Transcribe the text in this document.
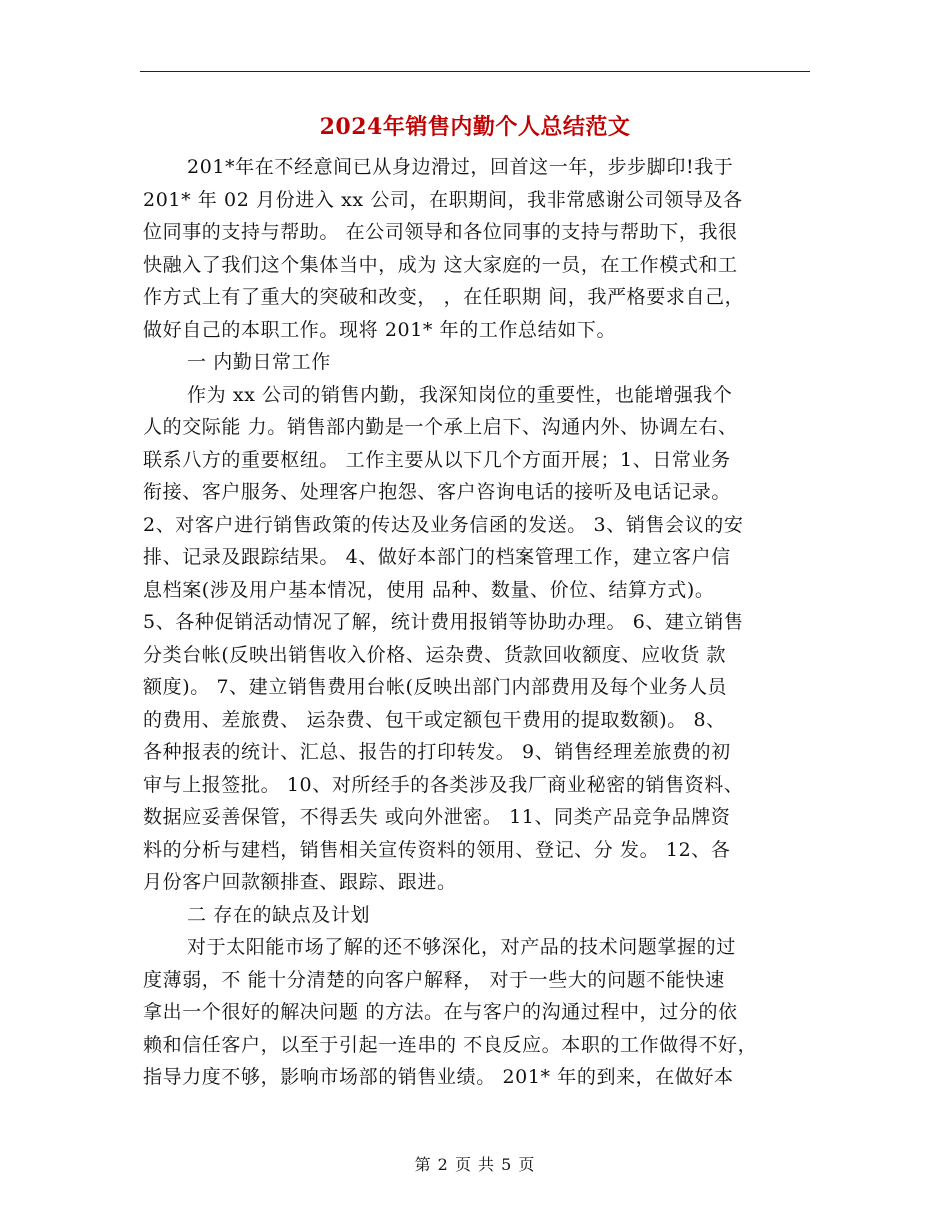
2024年销售内勤个人总结范文
201*年在不经意间已从身边滑过，回首这一年，步步脚印!我于
201* 年 02 月份进入 xx 公司，在职期间，我非常感谢公司领导及各
位同事的支持与帮助。 在公司领导和各位同事的支持与帮助下，我很
快融入了我们这个集体当中，成为 这大家庭的一员，在工作模式和工
作方式上有了重大的突破和改变， ，在任职期 间，我严格要求自己，
做好自己的本职工作。现将 201* 年的工作总结如下。
一 内勤日常工作
作为 xx 公司的销售内勤，我深知岗位的重要性，也能增强我个
人的交际能 力。销售部内勤是一个承上启下、沟通内外、协调左右、
联系八方的重要枢纽。 工作主要从以下几个方面开展；1、日常业务
衔接、客户服务、处理客户抱怨、客户咨询电话的接听及电话记录。
2、对客户进行销售政策的传达及业务信函的发送。 3、销售会议的安
排、记录及跟踪结果。 4、做好本部门的档案管理工作，建立客户信
息档案(涉及用户基本情况，使用 品种、数量、价位、结算方式)。
5、各种促销活动情况了解，统计费用报销等协助办理。 6、建立销售
分类台帐(反映出销售收入价格、运杂费、货款回收额度、应收货 款
额度)。 7、建立销售费用台帐(反映出部门内部费用及每个业务人员
的费用、差旅费、 运杂费、包干或定额包干费用的提取数额)。 8、
各种报表的统计、汇总、报告的打印转发。 9、销售经理差旅费的初
审与上报签批。 10、对所经手的各类涉及我厂商业秘密的销售资料、
数据应妥善保管，不得丢失 或向外泄密。 11、同类产品竞争品牌资
料的分析与建档，销售相关宣传资料的领用、登记、分 发。 12、各
月份客户回款额排查、跟踪、跟进。
二 存在的缺点及计划
对于太阳能市场了解的还不够深化，对产品的技术问题掌握的过
度薄弱，不 能十分清楚的向客户解释， 对于一些大的问题不能快速
拿出一个很好的解决问题 的方法。在与客户的沟通过程中，过分的依
赖和信任客户，以至于引起一连串的 不良反应。本职的工作做得不好，
指导力度不够，影响市场部的销售业绩。 201* 年的到来，在做好本
第 2 页 共 5 页
